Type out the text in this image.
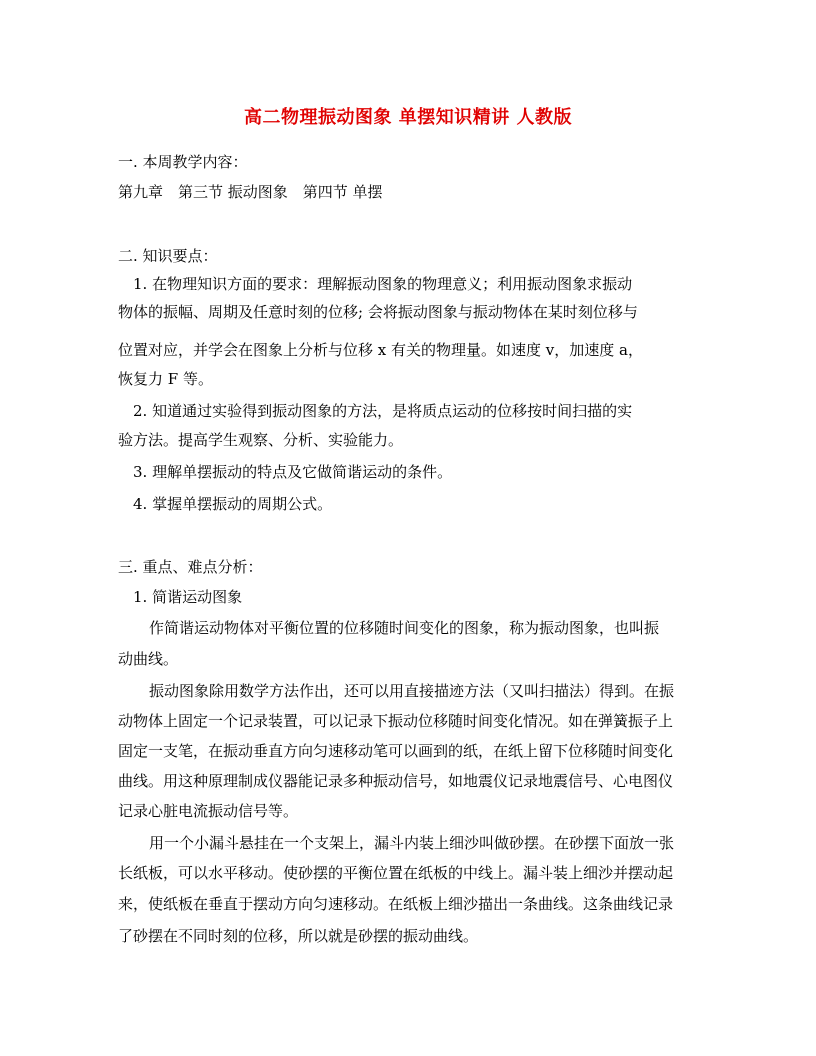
高二物理振动图象 单摆知识精讲 人教版
一. 本周教学内容：
第九章　第三节 振动图象　第四节 单摆
二. 知识要点：
1. 在物理知识方面的要求：理解振动图象的物理意义；利用振动图象求振动
物体的振幅、周期及任意时刻的位移; 会将振动图象与振动物体在某时刻位移与
位置对应，并学会在图象上分析与位移 x 有关的物理量。如速度 v，加速度 a，
恢复力 F 等。
2. 知道通过实验得到振动图象的方法，是将质点运动的位移按时间扫描的实
验方法。提高学生观察、分析、实验能力。
3. 理解单摆振动的特点及它做简谐运动的条件。
4. 掌握单摆振动的周期公式。
三. 重点、难点分析：
1. 简谐运动图象
作简谐运动物体对平衡位置的位移随时间变化的图象，称为振动图象，也叫振
动曲线。
振动图象除用数学方法作出，还可以用直接描迹方法（又叫扫描法）得到。在振
动物体上固定一个记录装置，可以记录下振动位移随时间变化情况。如在弹簧振子上
固定一支笔，在振动垂直方向匀速移动笔可以画到的纸，在纸上留下位移随时间变化
曲线。用这种原理制成仪器能记录多种振动信号，如地震仪记录地震信号、心电图仪
记录心脏电流振动信号等。
用一个小漏斗悬挂在一个支架上，漏斗内装上细沙叫做砂摆。在砂摆下面放一张
长纸板，可以水平移动。使砂摆的平衡位置在纸板的中线上。漏斗装上细沙并摆动起
来，使纸板在垂直于摆动方向匀速移动。在纸板上细沙描出一条曲线。这条曲线记录
了砂摆在不同时刻的位移，所以就是砂摆的振动曲线。
